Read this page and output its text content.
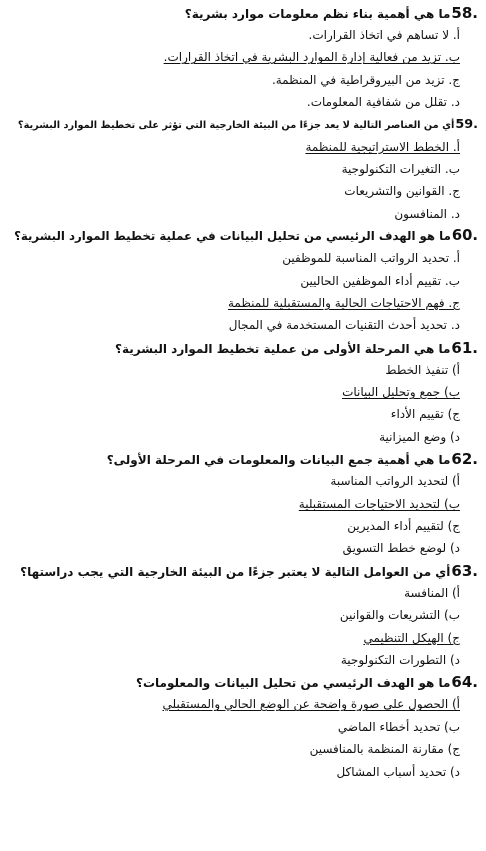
58.
ما هي أهمية بناء نظم معلومات موارد بشرية؟
أ. لا تساهم في اتخاذ القرارات.
ب. تزيد من فعالية إدارة الموارد البشرية في اتخاذ القرارات.
ج. تزيد من البيروقراطية في المنظمة.
د. تقلل من شفافية المعلومات.
59.
أي من العناصر التالية لا يعد جزءًا من البيئة الخارجية التي تؤثر على تخطيط الموارد البشرية؟
أ. الخطط الاستراتيجية للمنظمة
ب. التغيرات التكنولوجية
ج. القوانين والتشريعات
د. المنافسون
60.
ما هو الهدف الرئيسي من تحليل البيانات في عملية تخطيط الموارد البشرية؟
أ. تحديد الرواتب المناسبة للموظفين
ب. تقييم أداء الموظفين الحاليين
ج. فهم الاحتياجات الحالية والمستقبلية للمنظمة
د. تحديد أحدث التقنيات المستخدمة في المجال
61.
ما هي المرحلة الأولى من عملية تخطيط الموارد البشرية؟
أ) تنفيذ الخطط
ب) جمع وتحليل البيانات
ج) تقييم الأداء
د) وضع الميزانية
62.
ما هي أهمية جمع البيانات والمعلومات في المرحلة الأولى؟
أ) لتحديد الرواتب المناسبة
ب) لتحديد الاحتياجات المستقبلية
ج) لتقييم أداء المديرين
د) لوضع خطط التسويق
63.
أي من العوامل التالية لا يعتبر جزءًا من البيئة الخارجية التي يجب دراستها؟
أ) المنافسة
ب) التشريعات والقوانين
ج) الهيكل التنظيمي
د) التطورات التكنولوجية
64.
ما هو الهدف الرئيسي من تحليل البيانات والمعلومات؟
أ) الحصول على صورة واضحة عن الوضع الحالي والمستقبلي
ب) تحديد أخطاء الماضي
ج) مقارنة المنظمة بالمنافسين
د) تحديد أسباب المشاكل
